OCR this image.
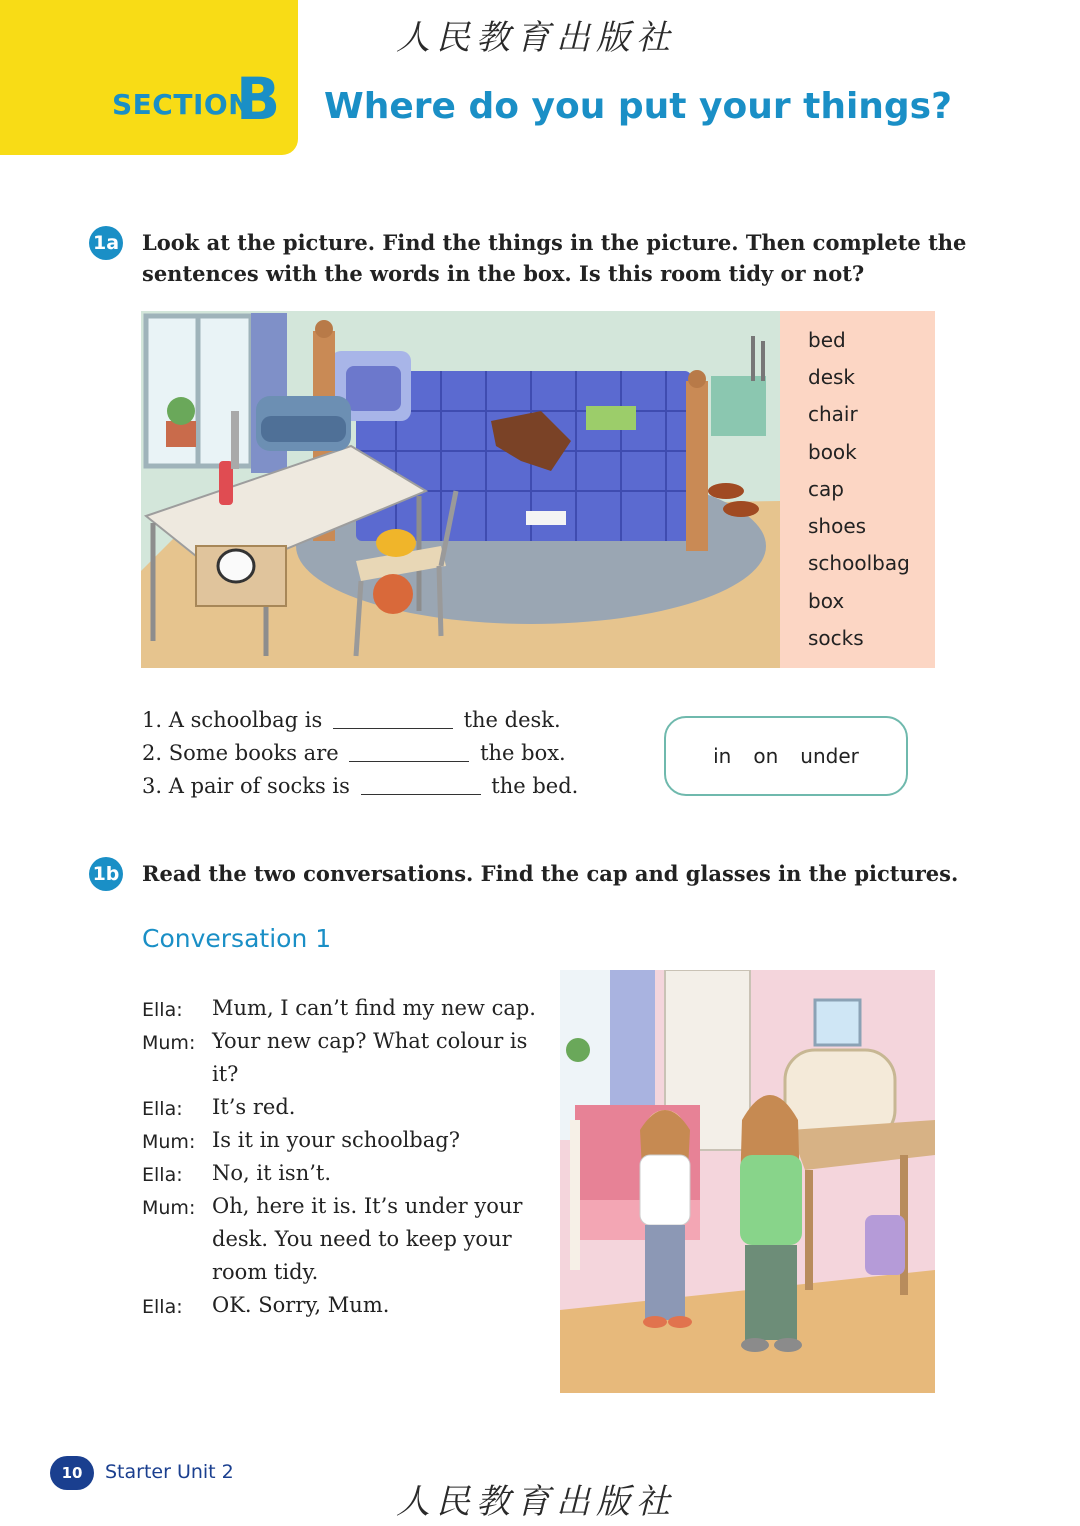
人民教育出版社
SECTION
B Where do you put your things?
1a Look at the picture. Find the things in the picture. Then complete the
sentences with the words in the box. Is this room tidy or not?
bed
desk
chair
book
cap
shoes
schoolbag
box
socks
1. A schoolbag is	the desk.
2. Some books are	the box.
3. A pair of socks is	the bed.
in on under
1b Read the two conversations. Find the cap and glasses in the pictures.
Conversation 1
Ella: Mum, I can’t find my new cap.
Mum: Your new cap? What colour is
it?
Ella: It’s red.
Mum: Is it in your schoolbag?
Ella: No, it isn’t.
Mum: Oh, here it is. It’s under your
desk. You need to keep your
room tidy.
Ella: OK. Sorry, Mum.
10	Starter Unit 2
人民教育出版社
